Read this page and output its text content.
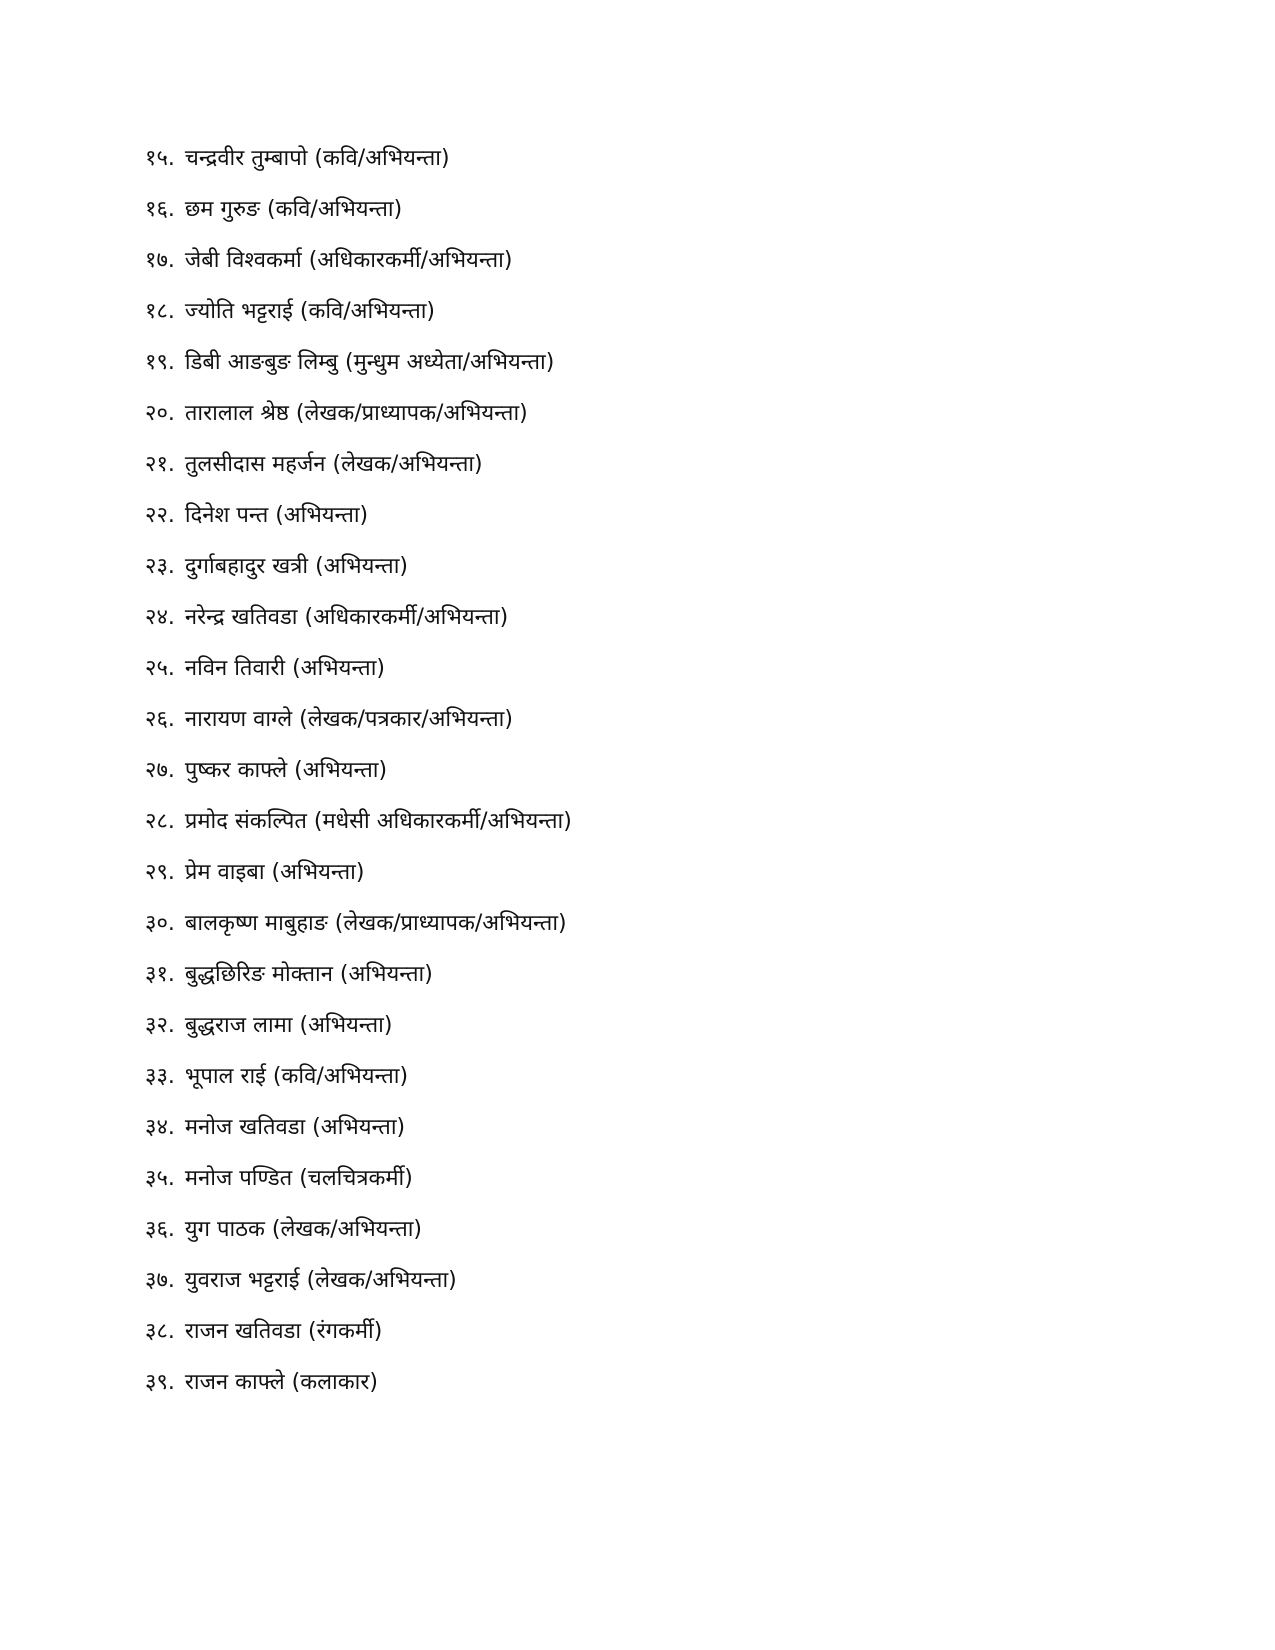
१५. चन्द्रवीर तुम्बापो (कवि/अभियन्ता)
१६. छम गुरुङ (कवि/अभियन्ता)
१७. जेबी विश्वकर्मा (अधिकारकर्मी/अभियन्ता)
१८. ज्योति भट्टराई (कवि/अभियन्ता)
१९. डिबी आङबुङ लिम्बु (मुन्धुम अध्येता/अभियन्ता)
२०. तारालाल श्रेष्ठ (लेखक/प्राध्यापक/अभियन्ता)
२१. तुलसीदास महर्जन (लेखक/अभियन्ता)
२२. दिनेश पन्त (अभियन्ता)
२३. दुर्गाबहादुर खत्री (अभियन्ता)
२४. नरेन्द्र खतिवडा (अधिकारकर्मी/अभियन्ता)
२५. नविन तिवारी (अभियन्ता)
२६. नारायण वाग्ले (लेखक/पत्रकार/अभियन्ता)
२७. पुष्कर काफ्ले (अभियन्ता)
२८. प्रमोद संकल्पित (मधेसी अधिकारकर्मी/अभियन्ता)
२९. प्रेम वाइबा (अभियन्ता)
३०. बालकृष्ण माबुहाङ (लेखक/प्राध्यापक/अभियन्ता)
३१. बुद्धछिरिङ मोक्तान (अभियन्ता)
३२. बुद्धराज लामा (अभियन्ता)
३३. भूपाल राई (कवि/अभियन्ता)
३४. मनोज खतिवडा (अभियन्ता)
३५. मनोज पण्डित (चलचित्रकर्मी)
३६. युग पाठक (लेखक/अभियन्ता)
३७. युवराज भट्टराई (लेखक/अभियन्ता)
३८. राजन खतिवडा (रंगकर्मी)
३९. राजन काफ्ले (कलाकार)
